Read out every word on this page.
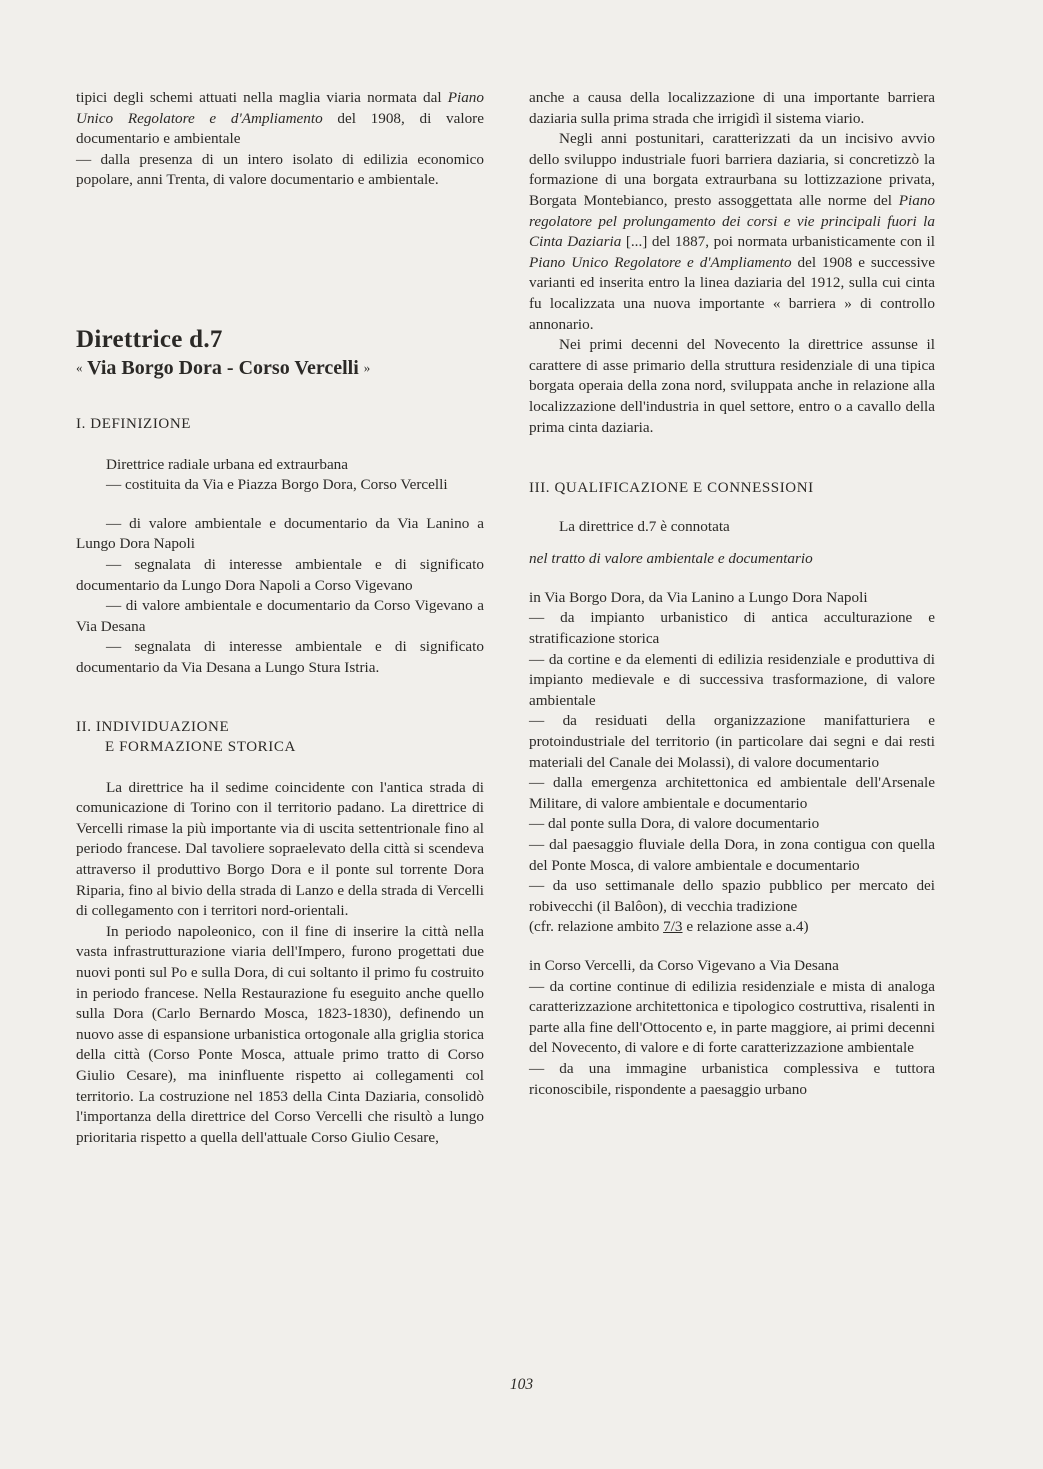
tipici degli schemi attuati nella maglia viaria normata dal Piano Unico Regolatore e d'Ampliamento del 1908, di valore documentario e ambientale

— dalla presenza di un intero isolato di edilizia economico popolare, anni Trenta, di valore documentario e ambientale.

Direttrice d.7
« Via Borgo Dora - Corso Vercelli »
I. DEFINIZIONE

Direttrice radiale urbana ed extraurbana

— costituita da Via e Piazza Borgo Dora, Corso Vercelli

— di valore ambientale e documentario da Via Lanino a Lungo Dora Napoli

— segnalata di interesse ambientale e di significato documentario da Lungo Dora Napoli a Corso Vigevano

— di valore ambientale e documentario da Corso Vigevano a Via Desana

— segnalata di interesse ambientale e di significato documentario da Via Desana a Lungo Stura Istria.

II. INDIVIDUAZIONE
E FORMAZIONE STORICA

La direttrice ha il sedime coincidente con l'antica strada di comunicazione di Torino con il territorio padano. La direttrice di Vercelli rimase la più importante via di uscita settentrionale fino al periodo francese. Dal tavoliere sopraelevato della città si scendeva attraverso il produttivo Borgo Dora e il ponte sul torrente Dora Riparia, fino al bivio della strada di Lanzo e della strada di Vercelli di collegamento con i territori nord-orientali.

In periodo napoleonico, con il fine di inserire la città nella vasta infrastrutturazione viaria dell'Impero, furono progettati due nuovi ponti sul Po e sulla Dora, di cui soltanto il primo fu costruito in periodo francese. Nella Restaurazione fu eseguito anche quello sulla Dora (Carlo Bernardo Mosca, 1823-1830), definendo un nuovo asse di espansione urbanistica ortogonale alla griglia storica della città (Corso Ponte Mosca, attuale primo tratto di Corso Giulio Cesare), ma ininfluente rispetto ai collegamenti col territorio. La costruzione nel 1853 della Cinta Daziaria, consolidò l'importanza della direttrice del Corso Vercelli che risultò a lungo prioritaria rispetto a quella dell'attuale Corso Giulio Cesare,

anche a causa della localizzazione di una importante barriera daziaria sulla prima strada che irrigidì il sistema viario.

Negli anni postunitari, caratterizzati da un incisivo avvio dello sviluppo industriale fuori barriera daziaria, si concretizzò la formazione di una borgata extraurbana su lottizzazione privata, Borgata Montebianco, presto assoggettata alle norme del Piano regolatore pel prolungamento dei corsi e vie principali fuori la Cinta Daziaria [...] del 1887, poi normata urbanisticamente con il Piano Unico Regolatore e d'Ampliamento del 1908 e successive varianti ed inserita entro la linea daziaria del 1912, sulla cui cinta fu localizzata una nuova importante « barriera » di controllo annonario.

Nei primi decenni del Novecento la direttrice assunse il carattere di asse primario della struttura residenziale di una tipica borgata operaia della zona nord, sviluppata anche in relazione alla localizzazione dell'industria in quel settore, entro o a cavallo della prima cinta daziaria.

III. QUALIFICAZIONE E CONNESSIONI

La direttrice d.7 è connotata

nel tratto di valore ambientale e documentario

in Via Borgo Dora, da Via Lanino a Lungo Dora Napoli

— da impianto urbanistico di antica acculturazione e stratificazione storica

— da cortine e da elementi di edilizia residenziale e produttiva di impianto medievale e di successiva trasformazione, di valore ambientale

— da residuati della organizzazione manifatturiera e protoindustriale del territorio (in particolare dai segni e dai resti materiali del Canale dei Molassi), di valore documentario

— dalla emergenza architettonica ed ambientale dell'Arsenale Militare, di valore ambientale e documentario

— dal ponte sulla Dora, di valore documentario

— dal paesaggio fluviale della Dora, in zona contigua con quella del Ponte Mosca, di valore ambientale e documentario

— da uso settimanale dello spazio pubblico per mercato dei robivecchi (il Balôon), di vecchia tradizione

(cfr. relazione ambito 7/3 e relazione asse a.4)

in Corso Vercelli, da Corso Vigevano a Via Desana

— da cortine continue di edilizia residenziale e mista di analoga caratterizzazione architettonica e tipologico costruttiva, risalenti in parte alla fine dell'Ottocento e, in parte maggiore, ai primi decenni del Novecento, di valore e di forte caratterizzazione ambientale

— da una immagine urbanistica complessiva e tuttora riconoscibile, rispondente a paesaggio urbano

103
